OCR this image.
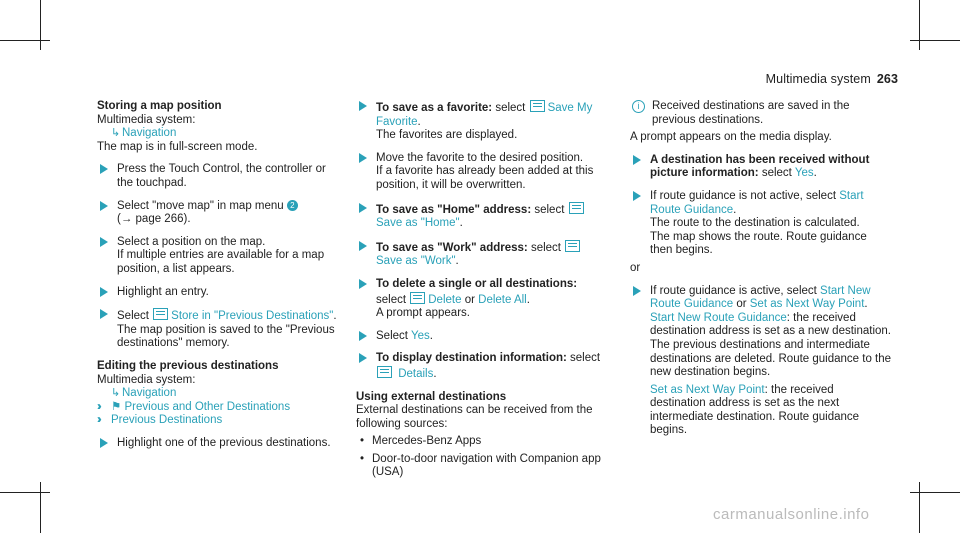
Multimedia system 263
Storing a map position
Multimedia system:
↳ Navigation
The map is in full-screen mode.
Press the Touch Control, the controller or the touchpad.
Select "move map" in map menu 2
(→ page 266).
Select a position on the map.
If multiple entries are available for a map position, a list appears.
Highlight an entry.
Select Store in "Previous Destinations".
The map position is saved to the "Previous destinations" memory.
Editing the previous destinations
Multimedia system:
↳ Navigation
›› ⚑ Previous and Other Destinations
›› Previous Destinations
Highlight one of the previous destinations.
To save as a favorite: select Save My Favorite.
The favorites are displayed.
Move the favorite to the desired position.
If a favorite has already been added at this position, it will be overwritten.
To save as "Home" address: select
Save as "Home".
To save as "Work" address: select
Save as "Work".
To delete a single or all destinations:
select Delete or Delete All.
A prompt appears.
Select Yes.
To display destination information: select
Details.
Using external destinations
External destinations can be received from the following sources:
• Mercedes-Benz Apps
• Door-to-door navigation with Companion app (USA)
i	Received destinations are saved in the previous destinations.
A prompt appears on the media display.
A destination has been received without picture information: select Yes.
If route guidance is not active, select Start Route Guidance.
The route to the destination is calculated.
The map shows the route. Route guidance then begins.
or
If route guidance is active, select Start New Route Guidance or Set as Next Way Point.
Start New Route Guidance: the received destination address is set as a new destination. The previous destinations and intermediate destinations are deleted. Route guidance to the new destination begins.
Set as Next Way Point: the received destination address is set as the next intermediate destination. Route guidance begins.
carmanualsonline.info
